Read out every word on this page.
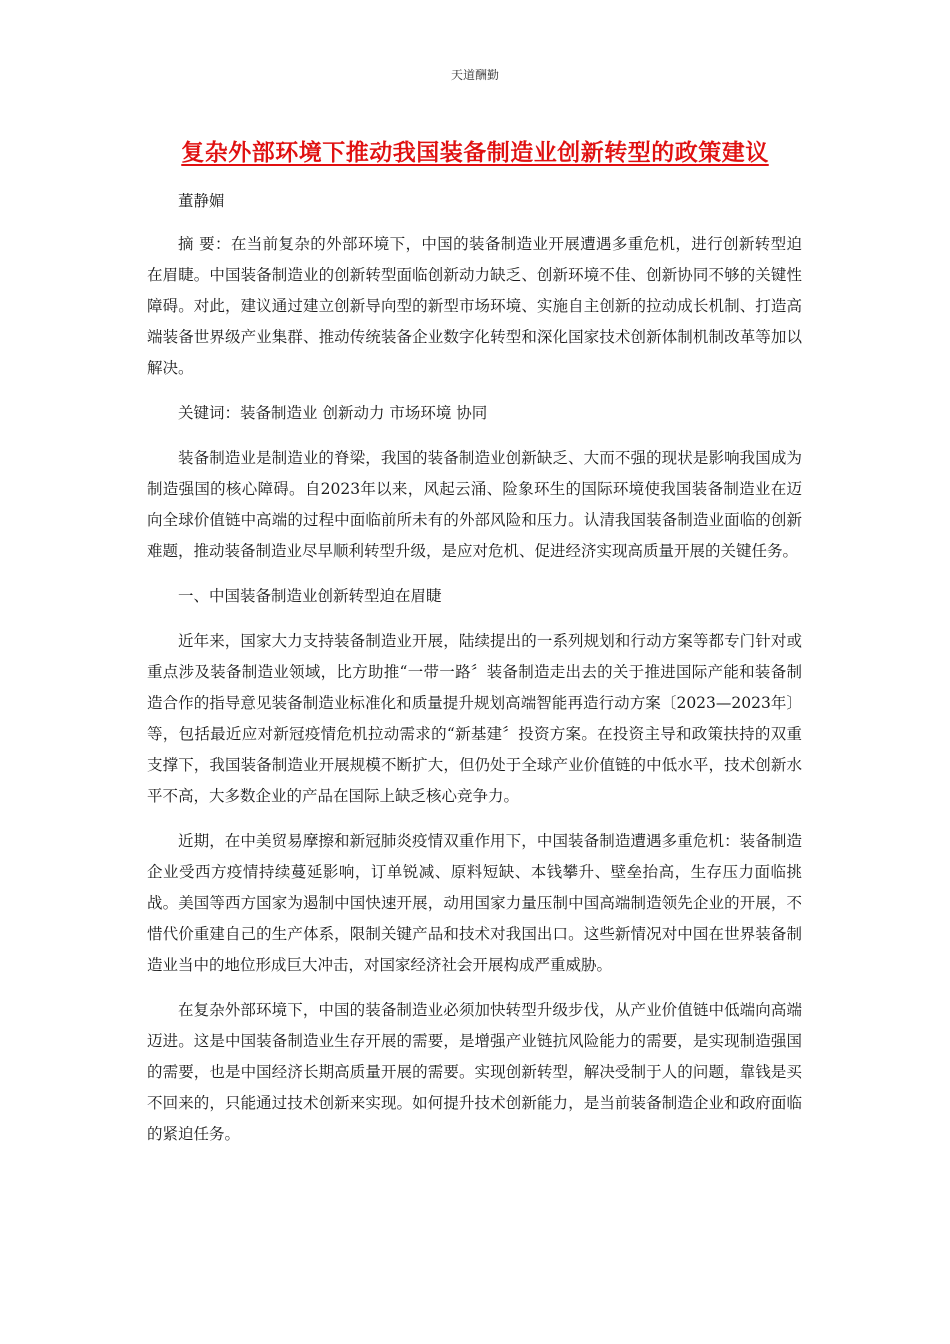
天道酬勤
复杂外部环境下推动我国装备制造业创新转型的政策建议

董静媚

摘 要：在当前复杂的外部环境下，中国的装备制造业开展遭遇多重危机，进行创新转型迫在眉睫。中国装备制造业的创新转型面临创新动力缺乏、创新环境不佳、创新协同不够的关键性障碍。对此，建议通过建立创新导向型的新型市场环境、实施自主创新的拉动成长机制、打造高端装备世界级产业集群、推动传统装备企业数字化转型和深化国家技术创新体制机制改革等加以解决。

关键词：装备制造业 创新动力 市场环境 协同

装备制造业是制造业的脊梁，我国的装备制造业创新缺乏、大而不强的现状是影响我国成为制造强国的核心障碍。自2023年以来，风起云涌、险象环生的国际环境使我国装备制造业在迈向全球价值链中高端的过程中面临前所未有的外部风险和压力。认清我国装备制造业面临的创新难题，推动装备制造业尽早顺利转型升级，是应对危机、促进经济实现高质量开展的关键任务。

一、中国装备制造业创新转型迫在眉睫

近年来，国家大力支持装备制造业开展，陆续提出的一系列规划和行动方案等都专门针对或重点涉及装备制造业领域，比方助推“一带一路〞装备制造走出去的关于推进国际产能和装备制造合作的指导意见装备制造业标准化和质量提升规划高端智能再造行动方案〔2023—2023年〕等，包括最近应对新冠疫情危机拉动需求的“新基建〞投资方案。在投资主导和政策扶持的双重支撑下，我国装备制造业开展规模不断扩大，但仍处于全球产业价值链的中低水平，技术创新水平不高，大多数企业的产品在国际上缺乏核心竞争力。

近期，在中美贸易摩擦和新冠肺炎疫情双重作用下，中国装备制造遭遇多重危机：装备制造企业受西方疫情持续蔓延影响，订单锐减、原料短缺、本钱攀升、壁垒抬高，生存压力面临挑战。美国等西方国家为遏制中国快速开展，动用国家力量压制中国高端制造领先企业的开展，不惜代价重建自己的生产体系，限制关键产品和技术对我国出口。这些新情况对中国在世界装备制造业当中的地位形成巨大冲击，对国家经济社会开展构成严重威胁。

在复杂外部环境下，中国的装备制造业必须加快转型升级步伐，从产业价值链中低端向高端迈进。这是中国装备制造业生存开展的需要，是增强产业链抗风险能力的需要，是实现制造强国的需要，也是中国经济长期高质量开展的需要。实现创新转型，解决受制于人的问题，靠钱是买不回来的，只能通过技术创新来实现。如何提升技术创新能力，是当前装备制造企业和政府面临的紧迫任务。
